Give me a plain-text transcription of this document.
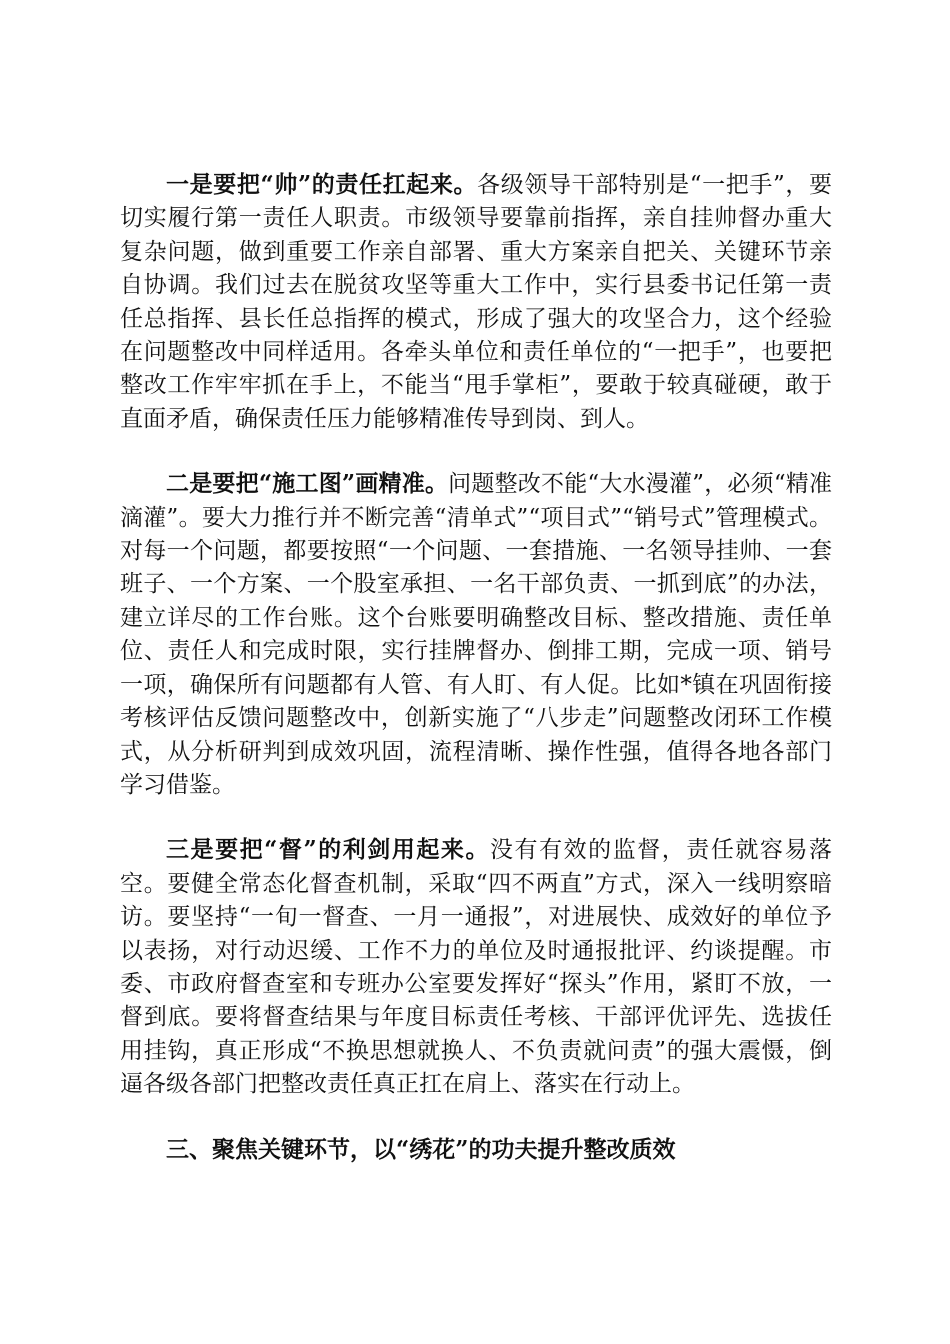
一是要把“帅”的责任扛起来。各级领导干部特别是“一把手”，要切实履行第一责任人职责。市级领导要靠前指挥，亲自挂帅督办重大复杂问题，做到重要工作亲自部署、重大方案亲自把关、关键环节亲自协调。我们过去在脱贫攻坚等重大工作中，实行县委书记任第一责任总指挥、县长任总指挥的模式，形成了强大的攻坚合力，这个经验在问题整改中同样适用。各牵头单位和责任单位的“一把手”，也要把整改工作牢牢抓在手上，不能当“甩手掌柜”，要敢于较真碰硬，敢于直面矛盾，确保责任压力能够精准传导到岗、到人。

二是要把“施工图”画精准。问题整改不能“大水漫灌”，必须“精准滴灌”。要大力推行并不断完善“清单式”“项目式”“销号式”管理模式。对每一个问题，都要按照“一个问题、一套措施、一名领导挂帅、一套班子、一个方案、一个股室承担、一名干部负责、一抓到底”的办法，建立详尽的工作台账。这个台账要明确整改目标、整改措施、责任单位、责任人和完成时限，实行挂牌督办、倒排工期，完成一项、销号一项，确保所有问题都有人管、有人盯、有人促。比如*镇在巩固衔接考核评估反馈问题整改中，创新实施了“八步走”问题整改闭环工作模式，从分析研判到成效巩固，流程清晰、操作性强，值得各地各部门学习借鉴。

三是要把“督”的利剑用起来。没有有效的监督，责任就容易落空。要健全常态化督查机制，采取“四不两直”方式，深入一线明察暗访。要坚持“一旬一督查、一月一通报”，对进展快、成效好的单位予以表扬，对行动迟缓、工作不力的单位及时通报批评、约谈提醒。市委、市政府督查室和专班办公室要发挥好“探头”作用，紧盯不放，一督到底。要将督查结果与年度目标责任考核、干部评优评先、选拔任用挂钩，真正形成“不换思想就换人、不负责就问责”的强大震慑，倒逼各级各部门把整改责任真正扛在肩上、落实在行动上。

三、聚焦关键环节，以“绣花”的功夫提升整改质效
